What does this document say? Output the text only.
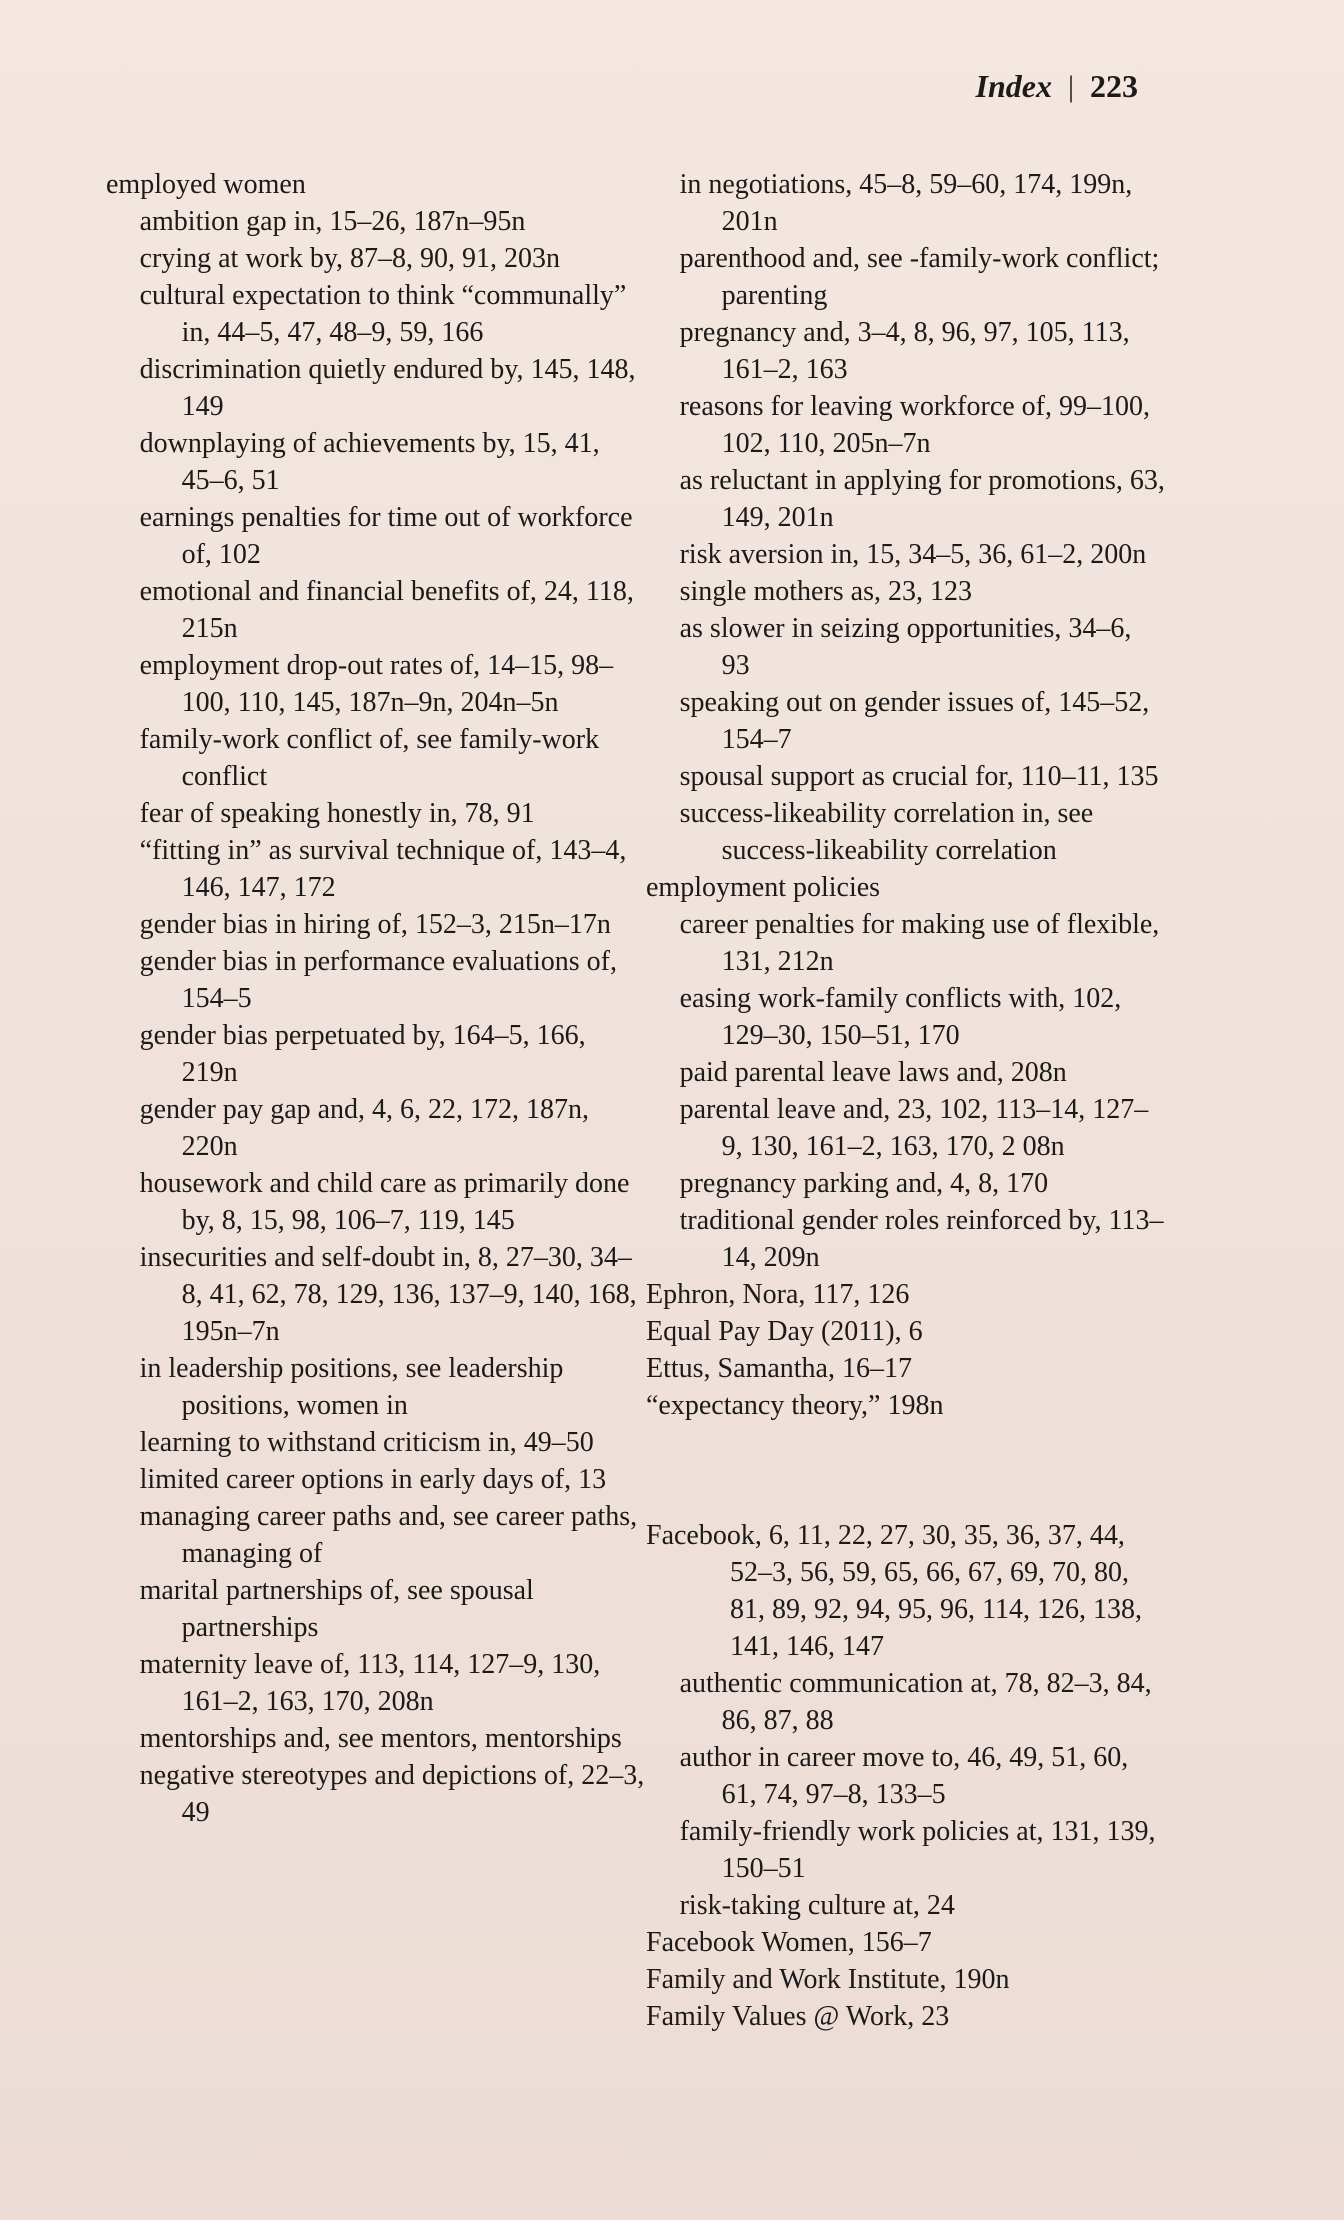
Index | 223

employed women

ambition gap in, 15–26, 187n–95n

crying at work by, 87–8, 90, 91, 203n

cultural expectation to think “communally” in, 44–5, 47, 48–9, 59, 166

discrimination quietly endured by, 145, 148, 149

downplaying of achievements by, 15, 41, 45–6, 51

earnings penalties for time out of workforce of, 102

emotional and financial benefits of, 24, 118, 215n

employment drop-out rates of, 14–15, 98–100, 110, 145, 187n–9n, 204n–5n

family-work conflict of, see family-work conflict

fear of speaking honestly in, 78, 91

“fitting in” as survival technique of, 143–4, 146, 147, 172

gender bias in hiring of, 152–3, 215n–17n

gender bias in performance evaluations of, 154–5

gender bias perpetuated by, 164–5, 166, 219n

gender pay gap and, 4, 6, 22, 172, 187n, 220n

housework and child care as primarily done by, 8, 15, 98, 106–7, 119, 145

insecurities and self-doubt in, 8, 27–30, 34–8, 41, 62, 78, 129, 136, 137–9, 140, 168, 195n–7n

in leadership positions, see leadership positions, women in

learning to withstand criticism in, 49–50

limited career options in early days of, 13

managing career paths and, see career paths, managing of

marital partnerships of, see spousal partnerships

maternity leave of, 113, 114, 127–9, 130, 161–2, 163, 170, 208n

mentorships and, see mentors, mentorships

negative stereotypes and depictions of, 22–3, 49

in negotiations, 45–8, 59–60, 174, 199n, 201n

parenthood and, see -family-work conflict; parenting

pregnancy and, 3–4, 8, 96, 97, 105, 113, 161–2, 163

reasons for leaving workforce of, 99–100, 102, 110, 205n–7n

as reluctant in applying for promotions, 63, 149, 201n

risk aversion in, 15, 34–5, 36, 61–2, 200n

single mothers as, 23, 123

as slower in seizing opportunities, 34–6, 93

speaking out on gender issues of, 145–52, 154–7

spousal support as crucial for, 110–11, 135

success-likeability correlation in, see success-likeability correlation

employment policies

career penalties for making use of flexible, 131, 212n

easing work-family conflicts with, 102, 129–30, 150–51, 170

paid parental leave laws and, 208n

parental leave and, 23, 102, 113–14, 127–9, 130, 161–2, 163, 170, 2 08n

pregnancy parking and, 4, 8, 170

traditional gender roles reinforced by, 113–14, 209n

Ephron, Nora, 117, 126

Equal Pay Day (2011), 6

Ettus, Samantha, 16–17

“expectancy theory,” 198n

Facebook, 6, 11, 22, 27, 30, 35, 36, 37, 44, 52–3, 56, 59, 65, 66, 67, 69, 70, 80, 81, 89, 92, 94, 95, 96, 114, 126, 138, 141, 146, 147

authentic communication at, 78, 82–3, 84, 86, 87, 88

author in career move to, 46, 49, 51, 60, 61, 74, 97–8, 133–5

family-friendly work policies at, 131, 139, 150–51

risk-taking culture at, 24

Facebook Women, 156–7

Family and Work Institute, 190n

Family Values @ Work, 23
